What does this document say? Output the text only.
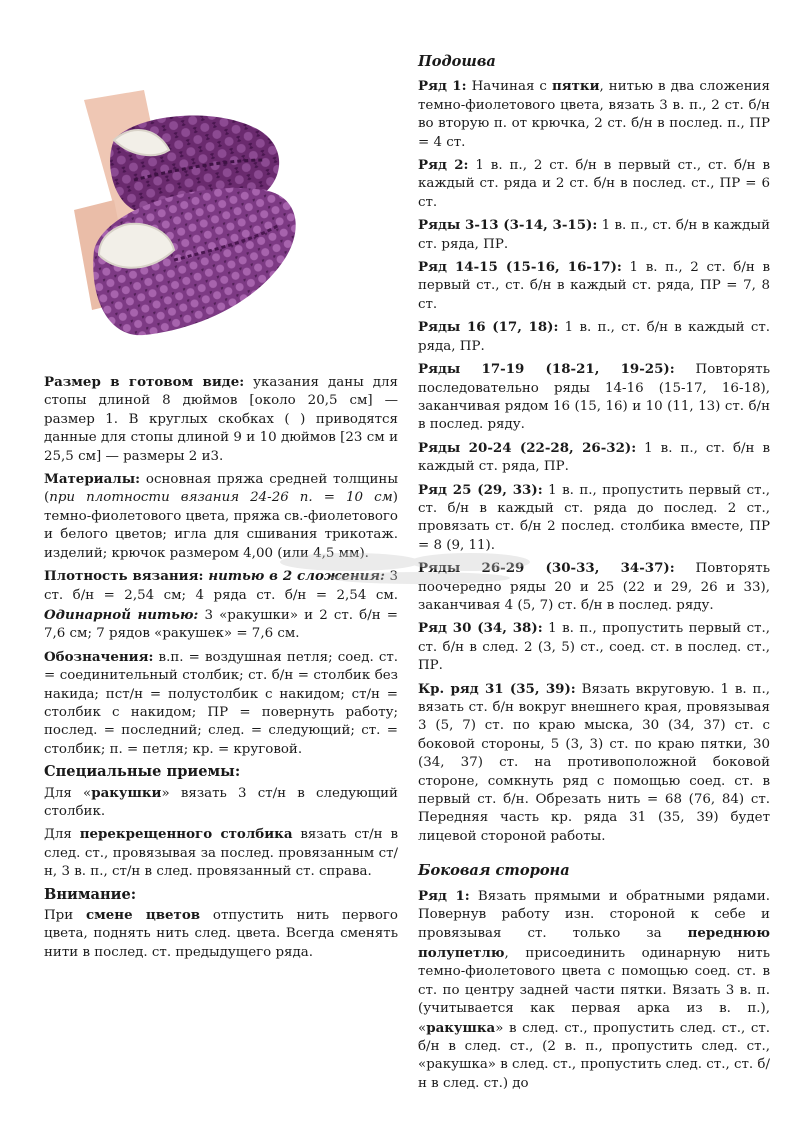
Размер в готовом виде: указания даны для стопы длиной 8 дюймов [около 20,5 см] — размер 1. В круглых скобках ( ) приводятся данные для стопы длиной 9 и 10 дюймов [23 см и 25,5 см] — размеры 2 и3.

Материалы: основная пряжа средней толщины (при плотности вязания 24-26 п. = 10 см) темно-фиолетового цвета, пряжа св.-фиолетового и белого цветов; игла для сшивания трикотаж. изделий; крючок размером 4,00 (или 4,5 мм).

Плотность вязания: нитью в 2 сложения: 3 ст. б/н = 2,54 см; 4 ряда ст. б/н = 2,54 см. Одинарной нитью: 3 «ракушки» и 2 ст. б/н = 7,6 см; 7 рядов «ракушек» = 7,6 см.

Обозначения: в.п. = воздушная петля; соед. ст. = соединительный столбик; ст. б/н = столбик без накида; пст/н = полустолбик с накидом; ст/н = столбик с накидом; ПР = повернуть работу; послед. = последний; след. = следующий; ст. = столбик; п. = петля; кр. = круговой.

Специальные приемы:

Для «ракушки» вязать 3 ст/н в следующий столбик.

Для перекрещенного столбика вязать ст/н в след. ст., провязывая за послед. провязанным ст/н, 3 в. п., ст/н в след. провязанный ст. справа.

Внимание:

При смене цветов отпустить нить первого цвета, поднять нить след. цвета. Всегда сменять нити в послед. ст. предыдущего ряда.

Подошва

Ряд 1: Начиная с пятки, нитью в два сложения темно-фиолетового цвета, вязать 3 в. п., 2 ст. б/н во вторую п. от крючка, 2 ст. б/н в послед. п., ПР = 4 ст.

Ряд 2: 1 в. п., 2 ст. б/н в первый ст., ст. б/н в каждый ст. ряда и 2 ст. б/н в послед. ст., ПР = 6 ст.

Ряды 3-13 (3-14, 3-15): 1 в. п., ст. б/н в каждый ст. ряда, ПР.

Ряд 14-15 (15-16, 16-17): 1 в. п., 2 ст. б/н в первый ст., ст. б/н в каждый ст. ряда, ПР = 7, 8 ст.

Ряды 16 (17, 18): 1 в. п., ст. б/н в каждый ст. ряда, ПР.

Ряды 17-19 (18-21, 19-25): Повторять последовательно ряды 14-16 (15-17, 16-18), заканчивая рядом 16 (15, 16) и 10 (11, 13) ст. б/н в послед. ряду.

Ряды 20-24 (22-28, 26-32): 1 в. п., ст. б/н в каждый ст. ряда, ПР.

Ряд 25 (29, 33): 1 в. п., пропустить первый ст., ст. б/н в каждый ст. ряда до послед. 2 ст., провязать ст. б/н 2 послед. столбика вместе, ПР = 8 (9, 11).

Ряды 26-29 (30-33, 34-37): Повторять поочередно ряды 20 и 25 (22 и 29, 26 и 33), заканчивая 4 (5, 7) ст. б/н в послед. ряду.

Ряд 30 (34, 38): 1 в. п., пропустить первый ст., ст. б/н в след. 2 (3, 5) ст., соед. ст. в послед. ст., ПР.

Кр. ряд 31 (35, 39): Вязать вкруговую. 1 в. п., вязать ст. б/н вокруг внешнего края, провязывая 3 (5, 7) ст. по краю мыска, 30 (34, 37) ст. с боковой стороны, 5 (3, 3) ст. по краю пятки, 30 (34, 37) ст. на противоположной боковой стороне, сомкнуть ряд с помощью соед. ст. в первый ст. б/н. Обрезать нить = 68 (76, 84) ст. Передняя часть кр. ряда 31 (35, 39) будет лицевой стороной работы.

Боковая сторона

Ряд 1: Вязать прямыми и обратными рядами. Повернув работу изн. стороной к себе и провязывая ст. только за переднюю полупетлю, присоединить одинарную нить темно-фиолетового цвета с помощью соед. ст. в ст. по центру задней части пятки. Вязать 3 в. п. (учитывается как первая арка из в. п.), «ракушка» в след. ст., пропустить след. ст., ст. б/н в след. ст., (2 в. п., пропустить след. ст., «ракушка» в след. ст., пропустить след. ст., ст. б/н в след. ст.) до
